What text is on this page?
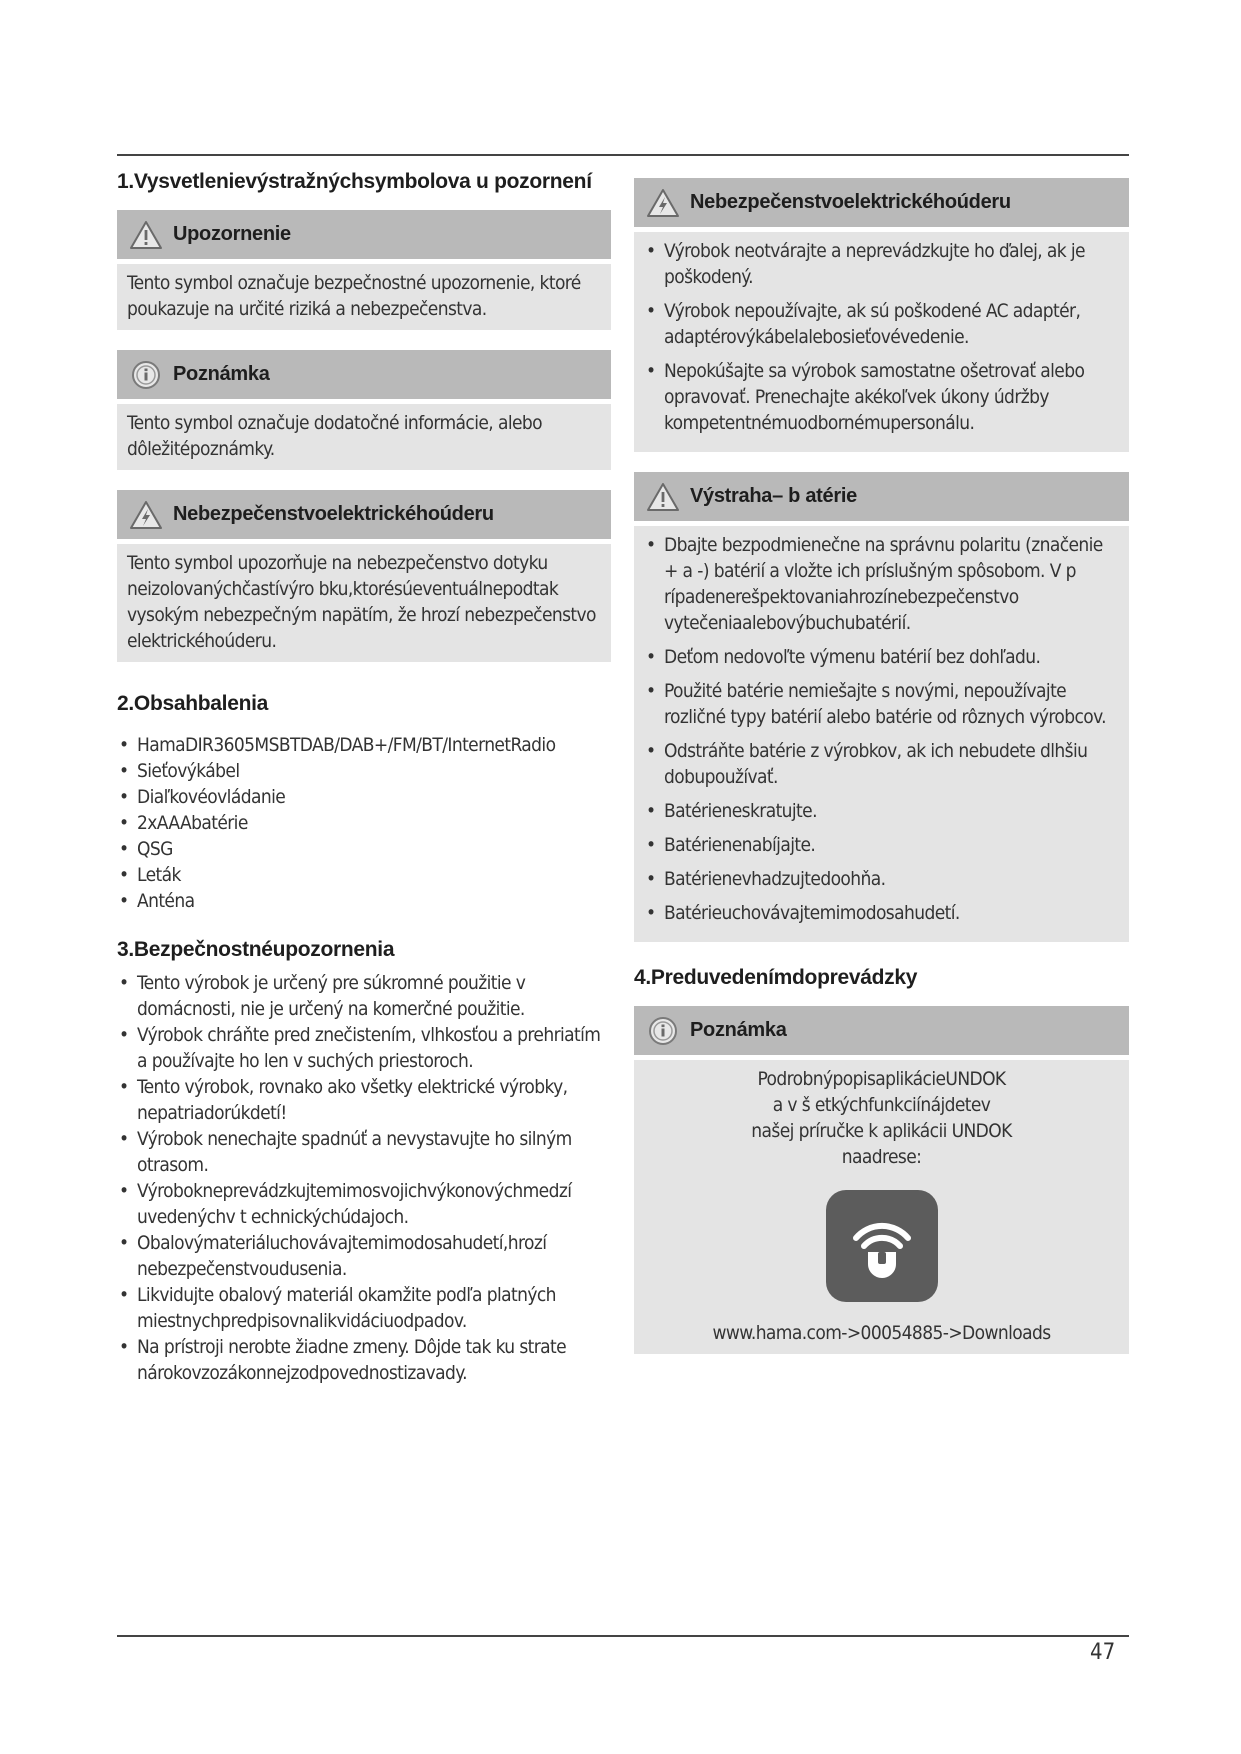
1.Vysvetlenievýstražnýchsymbolova u pozornení
Upozornenie
Tento symbol označuje bezpečnostné upozornenie, ktoré poukazuje na určité riziká a nebezpečenstva.
Poznámka
Tento symbol označuje dodatočné informácie, alebo dôležitépoznámky.
Nebezpečenstvoelektrickéhoúderu
Tento symbol upozorňuje na nebezpečenstvo dotyku neizolovanýchčastívýro bku,ktorésúeventuálnepodtak vysokým nebezpečným napätím, že hrozí nebezpečenstvo elektrickéhoúderu.
2.Obsahbalenia
• HamaDIR3605MSBTDAB/DAB+/FM/BT/InternetRadio
• Sieťovýkábel
• Diaľkovéovládanie
• 2xAAAbatérie
• QSG
• Leták
• Anténa
3.Bezpečnostnéupozornenia
• Tento výrobok je určený pre súkromné použitie v domácnosti, nie je určený na komerčné použitie.
• Výrobok chráňte pred znečistením, vlhkosťou a prehriatím a používajte ho len v suchých priestoroch.
• Tento výrobok, rovnako ako všetky elektrické výrobky, nepatriadorúkdetí!
• Výrobok nenechajte spadnúť a nevystavujte ho silným otrasom.
• Výrobokneprevádzkujtemimosvojichvýkonovýchmedzí uvedenýchv t echnickýchúdajoch.
• Obalovýmateriáluchovávajtemimodosahudetí,hrozí nebezpečenstvoudusenia.
• Likvidujte obalový materiál okamžite podľa platných miestnychpredpisovnalikvidáciuodpadov.
• Na prístroji nerobte žiadne zmeny. Dôjde tak ku strate nárokovzozákonnejzodpovednostizavady.
Nebezpečenstvoelektrickéhoúderu
• Výrobok neotvárajte a neprevádzkujte ho ďalej, ak je poškodený.
• Výrobok nepoužívajte, ak sú poškodené AC adaptér, adaptérovýkábelalebosieťovévedenie.
• Nepokúšajte sa výrobok samostatne ošetrovať alebo opravovať. Prenechajte akékoľvek úkony údržby kompetentnémuodbornémupersonálu.
Výstraha– b atérie
• Dbajte bezpodmienečne na správnu polaritu (značenie + a -) batérií a vložte ich príslušným spôsobom. V p rípadenerešpektovaniahrozínebezpečenstvo vytečeniaalebovýbuchubatérií.
• Deťom nedovoľte výmenu batérií bez dohľadu.
• Použité batérie nemiešajte s novými, nepoužívajte rozličné typy batérií alebo batérie od rôznych výrobcov.
• Odstráňte batérie z výrobkov, ak ich nebudete dlhšiu dobupoužívať.
• Batérieneskratujte.
• Batérienenabíjajte.
• Batérienevhadzujtedoohňa.
• Batérieuchovávajtemimodosahudetí.
4.Preduvedenímdoprevádzky
Poznámka
PodrobnýpopisaplikácieUNDOK
a v š etkýchfunkciínájdetev
našej príručke k aplikácii UNDOK
naadrese:
www.hama.com->00054885->Downloads
47
